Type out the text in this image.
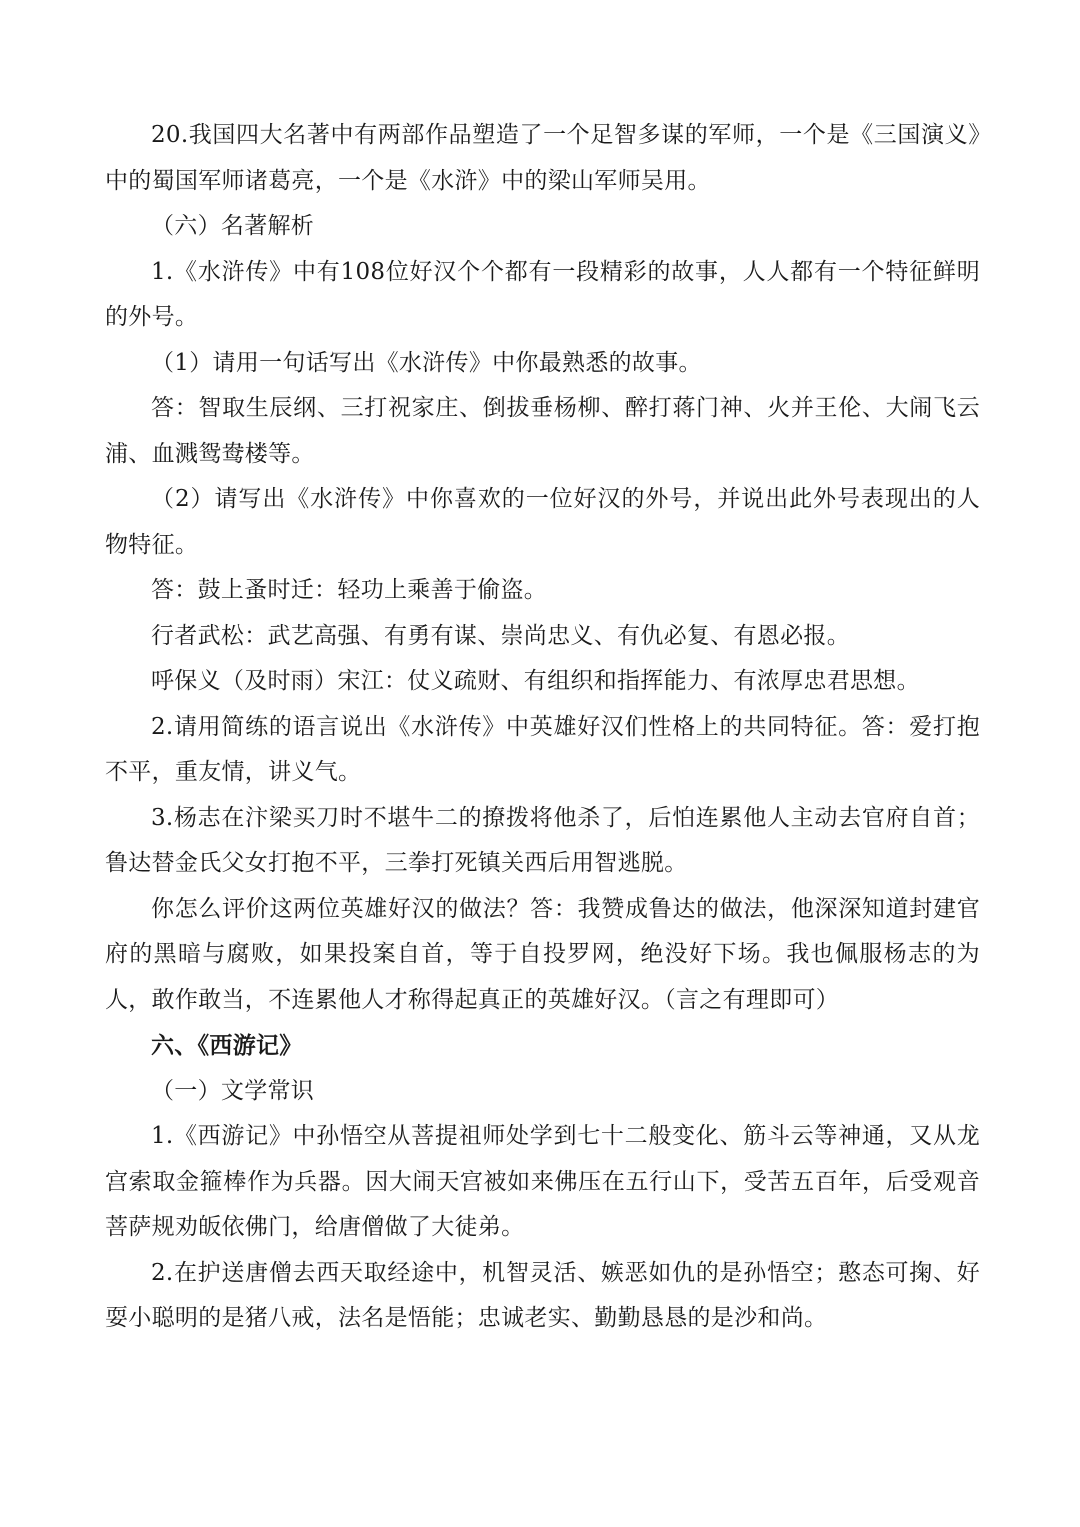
20.我国四大名著中有两部作品塑造了一个足智多谋的军师，一个是《三国演义》中的蜀国军师诸葛亮，一个是《水浒》中的梁山军师吴用。

（六）名著解析

1.《水浒传》中有108位好汉个个都有一段精彩的故事，人人都有一个特征鲜明的外号。

（1）请用一句话写出《水浒传》中你最熟悉的故事。

答：智取生辰纲、三打祝家庄、倒拔垂杨柳、醉打蒋门神、火并王伦、大闹飞云浦、血溅鸳鸯楼等。

（2）请写出《水浒传》中你喜欢的一位好汉的外号，并说出此外号表现出的人物特征。

答：鼓上蚤时迁：轻功上乘善于偷盗。

行者武松：武艺高强、有勇有谋、崇尚忠义、有仇必复、有恩必报。

呼保义（及时雨）宋江：仗义疏财、有组织和指挥能力、有浓厚忠君思想。

2.请用简练的语言说出《水浒传》中英雄好汉们性格上的共同特征。答：爱打抱不平，重友情，讲义气。

3.杨志在汴梁买刀时不堪牛二的撩拨将他杀了，后怕连累他人主动去官府自首；鲁达替金氏父女打抱不平，三拳打死镇关西后用智逃脱。

你怎么评价这两位英雄好汉的做法？答：我赞成鲁达的做法，他深深知道封建官府的黑暗与腐败，如果投案自首，等于自投罗网，绝没好下场。我也佩服杨志的为人，敢作敢当，不连累他人才称得起真正的英雄好汉。（言之有理即可）

六、《西游记》

（一）文学常识

1.《西游记》中孙悟空从菩提祖师处学到七十二般变化、筋斗云等神通，又从龙宫索取金箍棒作为兵器。因大闹天宫被如来佛压在五行山下，受苦五百年，后受观音菩萨规劝皈依佛门，给唐僧做了大徒弟。

2.在护送唐僧去西天取经途中，机智灵活、嫉恶如仇的是孙悟空；憨态可掬、好耍小聪明的是猪八戒，法名是悟能；忠诚老实、勤勤恳恳的是沙和尚。
